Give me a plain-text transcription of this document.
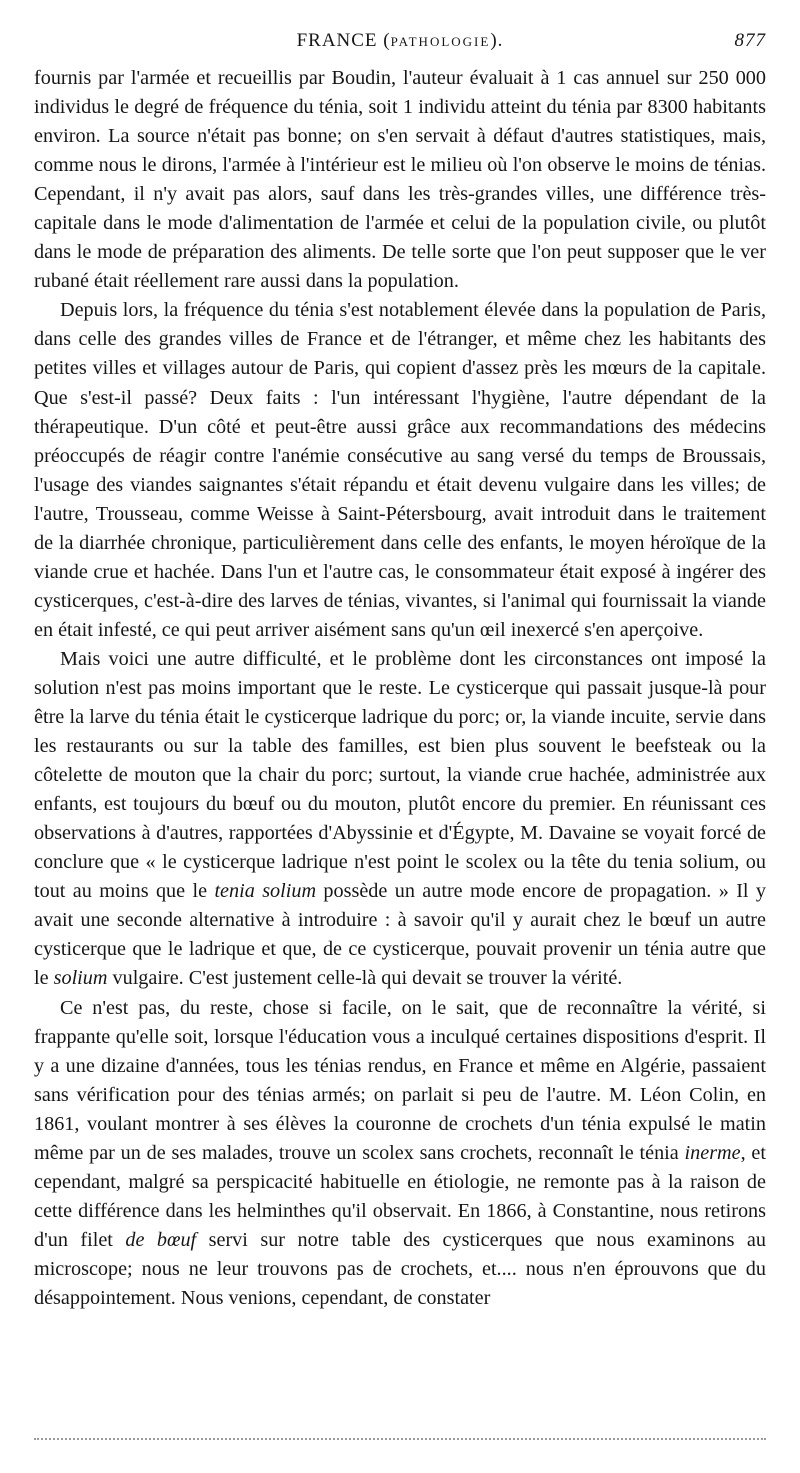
FRANCE (PATHOLOGIE).	877

fournis par l'armée et recueillis par Boudin, l'auteur évaluait à 1 cas annuel sur 250 000 individus le degré de fréquence du ténia, soit 1 individu atteint du ténia par 8300 habitants environ. La source n'était pas bonne; on s'en servait à défaut d'autres statistiques, mais, comme nous le dirons, l'armée à l'intérieur est le milieu où l'on observe le moins de ténias. Cependant, il n'y avait pas alors, sauf dans les très-grandes villes, une différence très-capitale dans le mode d'alimentation de l'armée et celui de la population civile, ou plutôt dans le mode de préparation des aliments. De telle sorte que l'on peut supposer que le ver rubané était réellement rare aussi dans la population.

Depuis lors, la fréquence du ténia s'est notablement élevée dans la population de Paris, dans celle des grandes villes de France et de l'étranger, et même chez les habitants des petites villes et villages autour de Paris, qui copient d'assez près les mœurs de la capitale. Que s'est-il passé? Deux faits : l'un intéressant l'hygiène, l'autre dépendant de la thérapeutique. D'un côté et peut-être aussi grâce aux recommandations des médecins préoccupés de réagir contre l'anémie consécutive au sang versé du temps de Broussais, l'usage des viandes saignantes s'était répandu et était devenu vulgaire dans les villes; de l'autre, Trousseau, comme Weisse à Saint-Pétersbourg, avait introduit dans le traitement de la diarrhée chronique, particulièrement dans celle des enfants, le moyen héroïque de la viande crue et hachée. Dans l'un et l'autre cas, le consommateur était exposé à ingérer des cysticerques, c'est-à-dire des larves de ténias, vivantes, si l'animal qui fournissait la viande en était infesté, ce qui peut arriver aisément sans qu'un œil inexercé s'en aperçoive.

Mais voici une autre difficulté, et le problème dont les circonstances ont imposé la solution n'est pas moins important que le reste. Le cysticerque qui passait jusque-là pour être la larve du ténia était le cysticerque ladrique du porc; or, la viande incuite, servie dans les restaurants ou sur la table des familles, est bien plus souvent le beefsteak ou la côtelette de mouton que la chair du porc; surtout, la viande crue hachée, administrée aux enfants, est toujours du bœuf ou du mouton, plutôt encore du premier. En réunissant ces observations à d'autres, rapportées d'Abyssinie et d'Égypte, M. Davaine se voyait forcé de conclure que « le cysticerque ladrique n'est point le scolex ou la tête du tenia solium, ou tout au moins que le tenia solium possède un autre mode encore de propagation. » Il y avait une seconde alternative à introduire : à savoir qu'il y aurait chez le bœuf un autre cysticerque que le ladrique et que, de ce cysticerque, pouvait provenir un ténia autre que le solium vulgaire. C'est justement celle-là qui devait se trouver la vérité.

Ce n'est pas, du reste, chose si facile, on le sait, que de reconnaître la vérité, si frappante qu'elle soit, lorsque l'éducation vous a inculqué certaines dispositions d'esprit. Il y a une dizaine d'années, tous les ténias rendus, en France et même en Algérie, passaient sans vérification pour des ténias armés; on parlait si peu de l'autre. M. Léon Colin, en 1861, voulant montrer à ses élèves la couronne de crochets d'un ténia expulsé le matin même par un de ses malades, trouve un scolex sans crochets, reconnaît le ténia inerme, et cependant, malgré sa perspicacité habituelle en étiologie, ne remonte pas à la raison de cette différence dans les helminthes qu'il observait. En 1866, à Constantine, nous retirons d'un filet de bœuf servi sur notre table des cysticerques que nous examinons au microscope; nous ne leur trouvons pas de crochets, et.... nous n'en éprouvons que du désappointement. Nous venions, cependant, de constater
